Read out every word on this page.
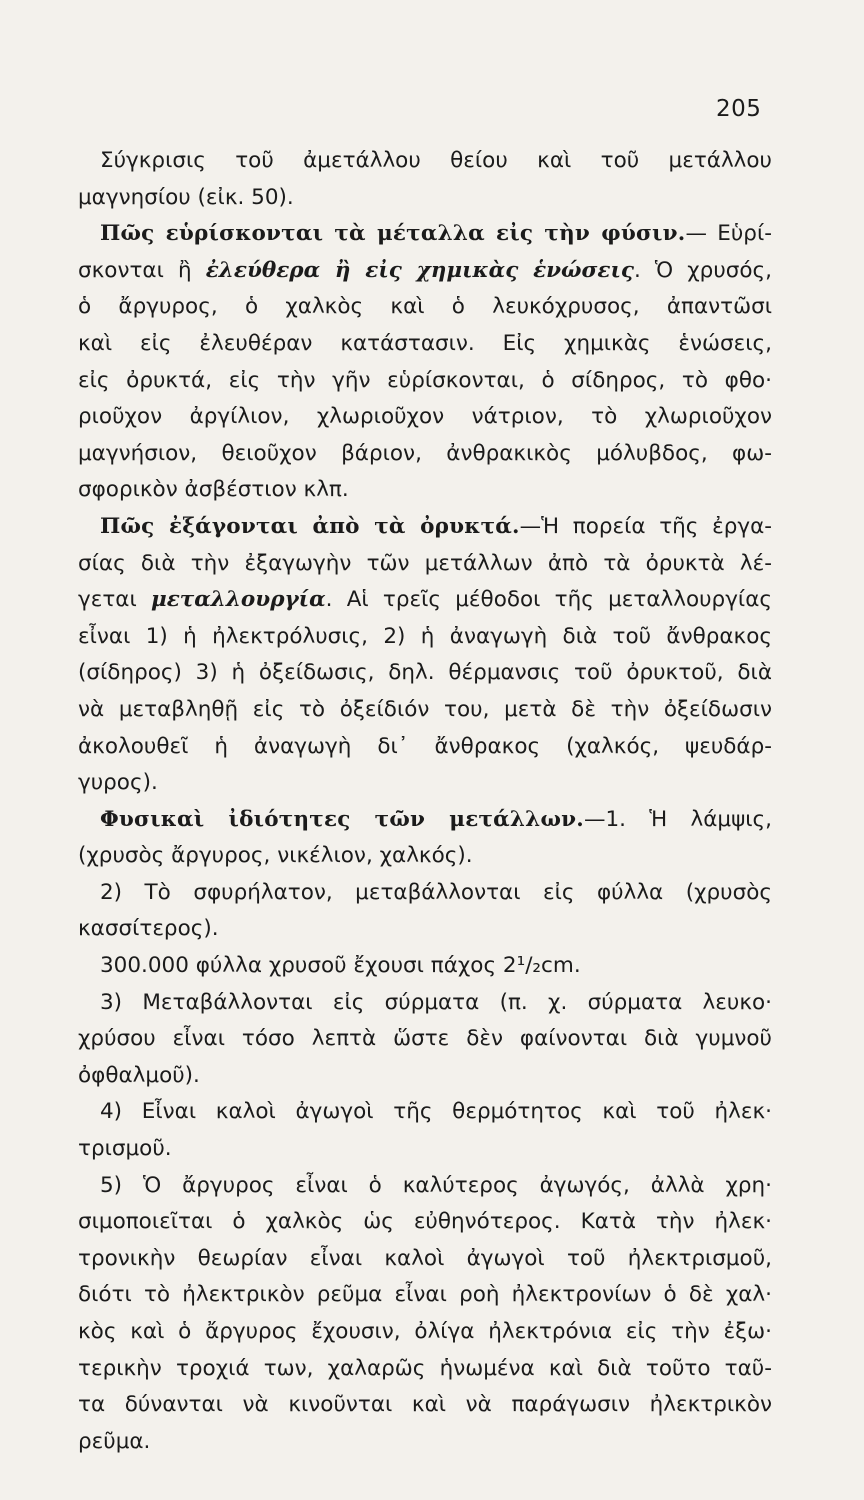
205
Σύγκρισις τοῦ ἀμετάλλου θείου καὶ τοῦ μετάλλου
μαγνησίου (εἰκ. 50).
Πῶς εὑρίσκονται τὰ μέταλλα εἰς τὴν φύσιν.— Εὑρί-
σκονται ἢ ἐλεύθερα ἢ εἰς χημικὰς ἑνώσεις. Ὁ χρυσός,
ὁ ἄργυρος, ὁ χαλκὸς καὶ ὁ λευκόχρυσος, ἀπαντῶσι
καὶ εἰς ἐλευθέραν κατάστασιν. Εἰς χημικὰς ἑνώσεις,
εἰς ὀρυκτά, εἰς τὴν γῆν εὑρίσκονται, ὁ σίδηρος, τὸ φθο·
ριοῦχον ἀργίλιον, χλωριοῦχον νάτριον, τὸ χλωριοῦχον
μαγνήσιον, θειοῦχον βάριον, ἀνθρακικὸς μόλυβδος, φω-
σφορικὸν ἀσβέστιον κλπ.
Πῶς ἐξάγονται ἀπὸ τὰ ὀρυκτά.—Ἡ πορεία τῆς ἐργα-
σίας διὰ τὴν ἐξαγωγὴν τῶν μετάλλων ἀπὸ τὰ ὀρυκτὰ λέ-
γεται μεταλλουργία. Αἱ τρεῖς μέθοδοι τῆς μεταλλουργίας
εἶναι 1) ἡ ἠλεκτρόλυσις, 2) ἡ ἀναγωγὴ διὰ τοῦ ἄνθρακος
(σίδηρος) 3) ἡ ὀξείδωσις, δηλ. θέρμανσις τοῦ ὀρυκτοῦ, διὰ
νὰ μεταβληθῇ εἰς τὸ ὀξείδιόν του, μετὰ δὲ τὴν ὀξείδωσιν
ἀκολουθεῖ ἡ ἀναγωγὴ δι᾿ ἄνθρακος (χαλκός, ψευδάρ-
γυρος).
Φυσικαὶ ἰδιότητες τῶν μετάλλων.—1. Ἡ λάμψις,
(χρυσὸς ἄργυρος, νικέλιον, χαλκός).
2) Τὸ σφυρήλατον, μεταβάλλονται εἰς φύλλα (χρυσὸς
κασσίτερος).
300.000 φύλλα χρυσοῦ ἔχουσι πάχος 2¹/₂cm.
3) Μεταβάλλονται εἰς σύρματα (π. χ. σύρματα λευκο·
χρύσου εἶναι τόσο λεπτὰ ὥστε δὲν φαίνονται διὰ γυμνοῦ
ὀφθαλμοῦ).
4) Εἶναι καλοὶ ἀγωγοὶ τῆς θερμότητος καὶ τοῦ ἠλεκ·
τρισμοῦ.
5) Ὁ ἄργυρος εἶναι ὁ καλύτερος ἀγωγός, ἀλλὰ χρη·
σιμοποιεῖται ὁ χαλκὸς ὡς εὐθηνότερος. Κατὰ τὴν ἠλεκ·
τρονικὴν θεωρίαν εἶναι καλοὶ ἀγωγοὶ τοῦ ἠλεκτρισμοῦ,
διότι τὸ ἠλεκτρικὸν ρεῦμα εἶναι ροὴ ἠλεκτρονίων ὁ δὲ χαλ·
κὸς καὶ ὁ ἄργυρος ἔχουσιν, ὀλίγα ἠλεκτρόνια εἰς τὴν ἐξω·
τερικὴν τροχιά των, χαλαρῶς ἡνωμένα καὶ διὰ τοῦτο ταῦ-
τα δύνανται νὰ κινοῦνται καὶ νὰ παράγωσιν ἠλεκτρικὸν
ρεῦμα.
